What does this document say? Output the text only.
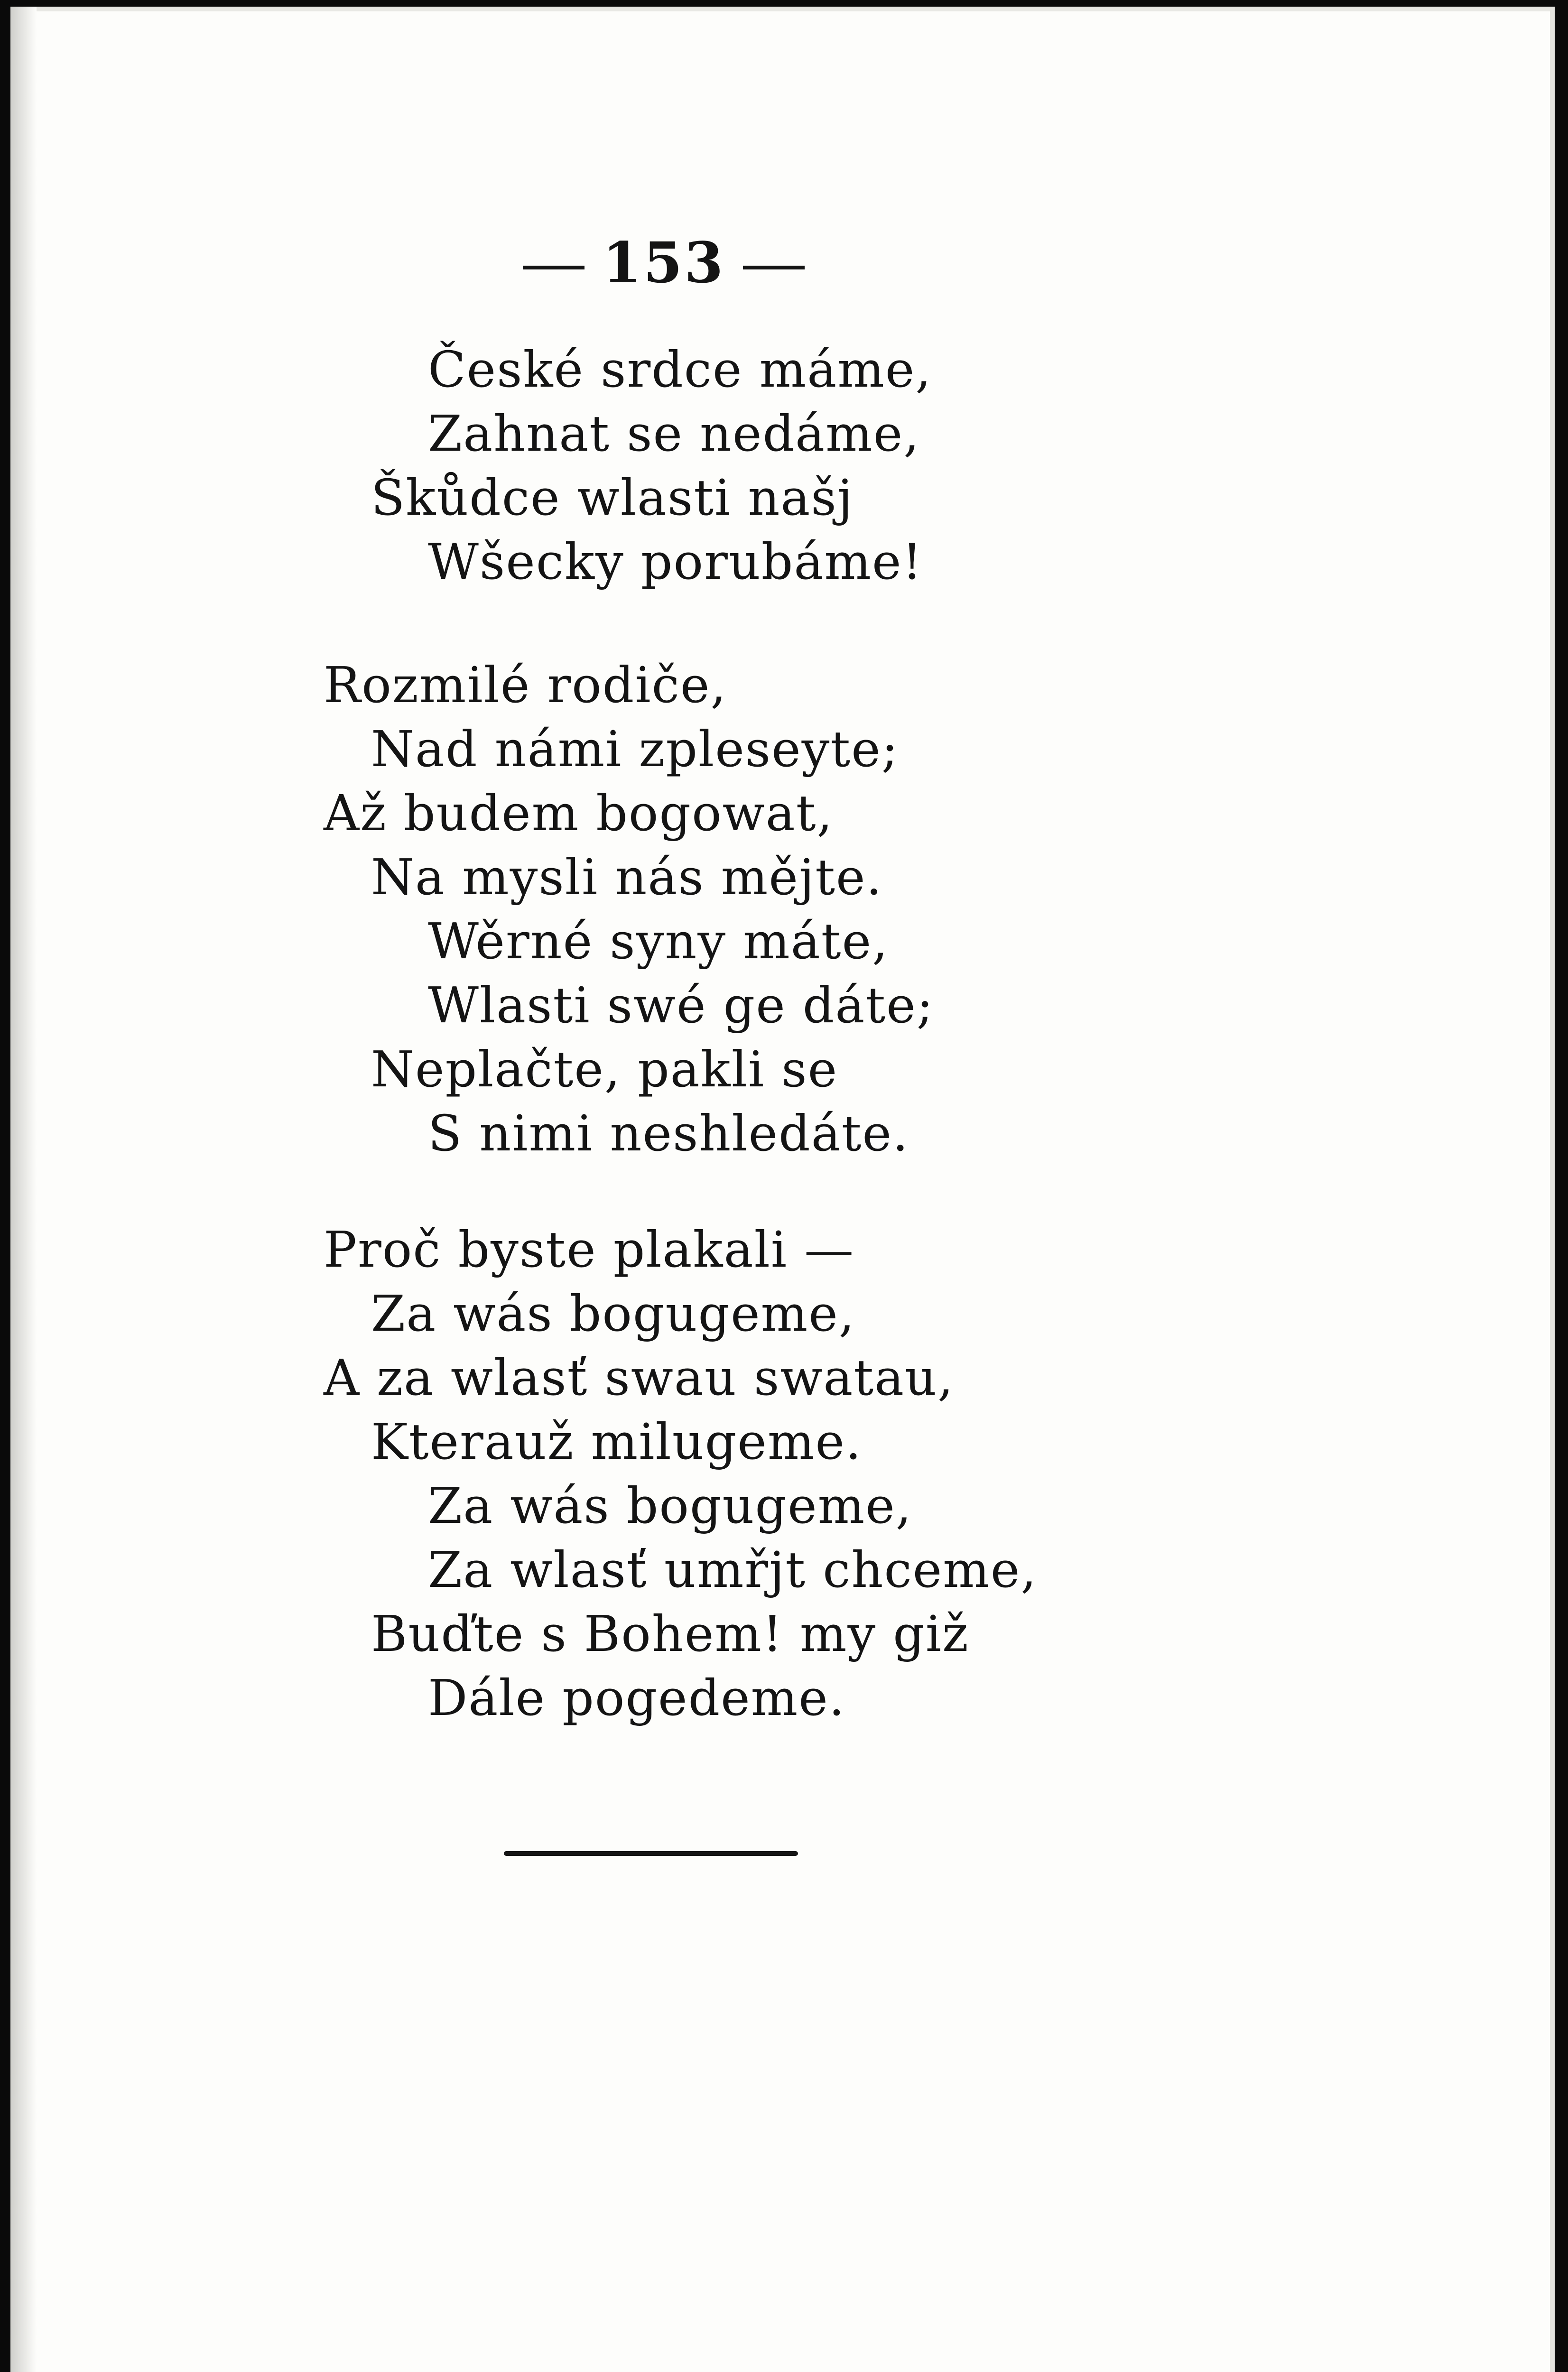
153
České srdce máme,
Zahnat se nedáme,
Škůdce wlasti našj
Wšecky porubáme!
Rozmilé rodiče,
Nad námi zpleseyte;
Až budem bogowat,
Na mysli nás mějte.
Wěrné syny máte,
Wlasti swé ge dáte;
Neplačte, pakli se
S nimi neshledáte.
Proč byste plakali —
Za wás bogugeme,
A za wlasť swau swatau,
Kterauž milugeme.
Za wás bogugeme,
Za wlasť umřjt chceme,
Buďte s Bohem! my giž
Dále pogedeme.
